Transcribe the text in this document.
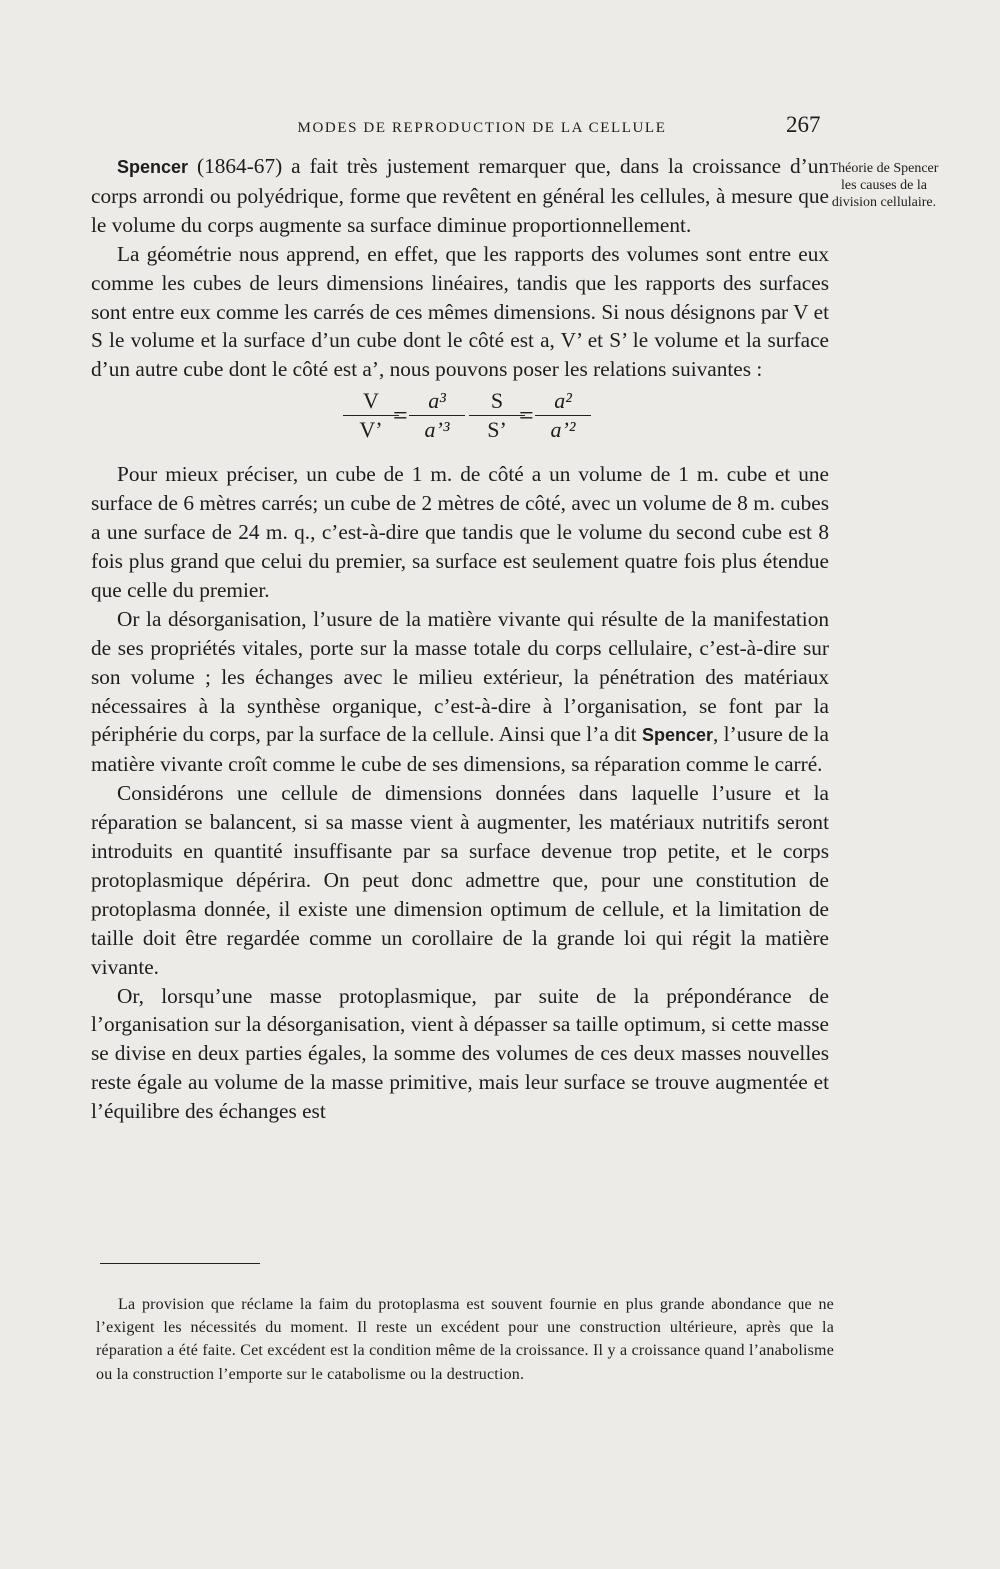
MODES DE REPRODUCTION DE LA CELLULE	267
Théorie de Spencer les causes de la division cellulaire.

Spencer (1864-67) a fait très justement remarquer que, dans la croissance d’un corps arrondi ou polyédrique, forme que revêtent en général les cellules, à mesure que le volume du corps augmente sa surface diminue proportionnellement.

La géométrie nous apprend, en effet, que les rapports des volumes sont entre eux comme les cubes de leurs dimensions linéaires, tandis que les rapports des surfaces sont entre eux comme les carrés de ces mêmes dimensions. Si nous désignons par V et S le volume et la surface d’un cube dont le côté est a, V’ et S’ le volume et la surface d’un autre cube dont le côté est a’, nous pouvons poser les relations suivantes :

V
V’ =
a³
a’³
S
S’ =
a²
a’²

Pour mieux préciser, un cube de 1 m. de côté a un volume de 1 m. cube et une surface de 6 mètres carrés; un cube de 2 mètres de côté, avec un volume de 8 m. cubes a une surface de 24 m. q., c’est-à-dire que tandis que le volume du second cube est 8 fois plus grand que celui du premier, sa surface est seulement quatre fois plus étendue que celle du premier.

Or la désorganisation, l’usure de la matière vivante qui résulte de la manifestation de ses propriétés vitales, porte sur la masse totale du corps cellulaire, c’est-à-dire sur son volume ; les échanges avec le milieu extérieur, la pénétration des matériaux nécessaires à la synthèse organique, c’est-à-dire à l’organisation, se font par la périphérie du corps, par la surface de la cellule. Ainsi que l’a dit Spencer, l’usure de la matière vivante croît comme le cube de ses dimensions, sa réparation comme le carré.

Considérons une cellule de dimensions données dans laquelle l’usure et la réparation se balancent, si sa masse vient à augmenter, les matériaux nutritifs seront introduits en quantité insuffisante par sa surface devenue trop petite, et le corps protoplasmique dépérira. On peut donc admettre que, pour une constitution de protoplasma donnée, il existe une dimension optimum de cellule, et la limitation de taille doit être regardée comme un corollaire de la grande loi qui régit la matière vivante.

Or, lorsqu’une masse protoplasmique, par suite de la prépondérance de l’organisation sur la désorganisation, vient à dépasser sa taille optimum, si cette masse se divise en deux parties égales, la somme des volumes de ces deux masses nouvelles reste égale au volume de la masse primitive, mais leur surface se trouve augmentée et l’équilibre des échanges est

La provision que réclame la faim du protoplasma est souvent fournie en plus grande abondance que ne l’exigent les nécessités du moment. Il reste un excédent pour une construction ultérieure, après que la réparation a été faite. Cet excédent est la condition même de la croissance. Il y a croissance quand l’anabolisme ou la construction l’emporte sur le catabolisme ou la destruction.
